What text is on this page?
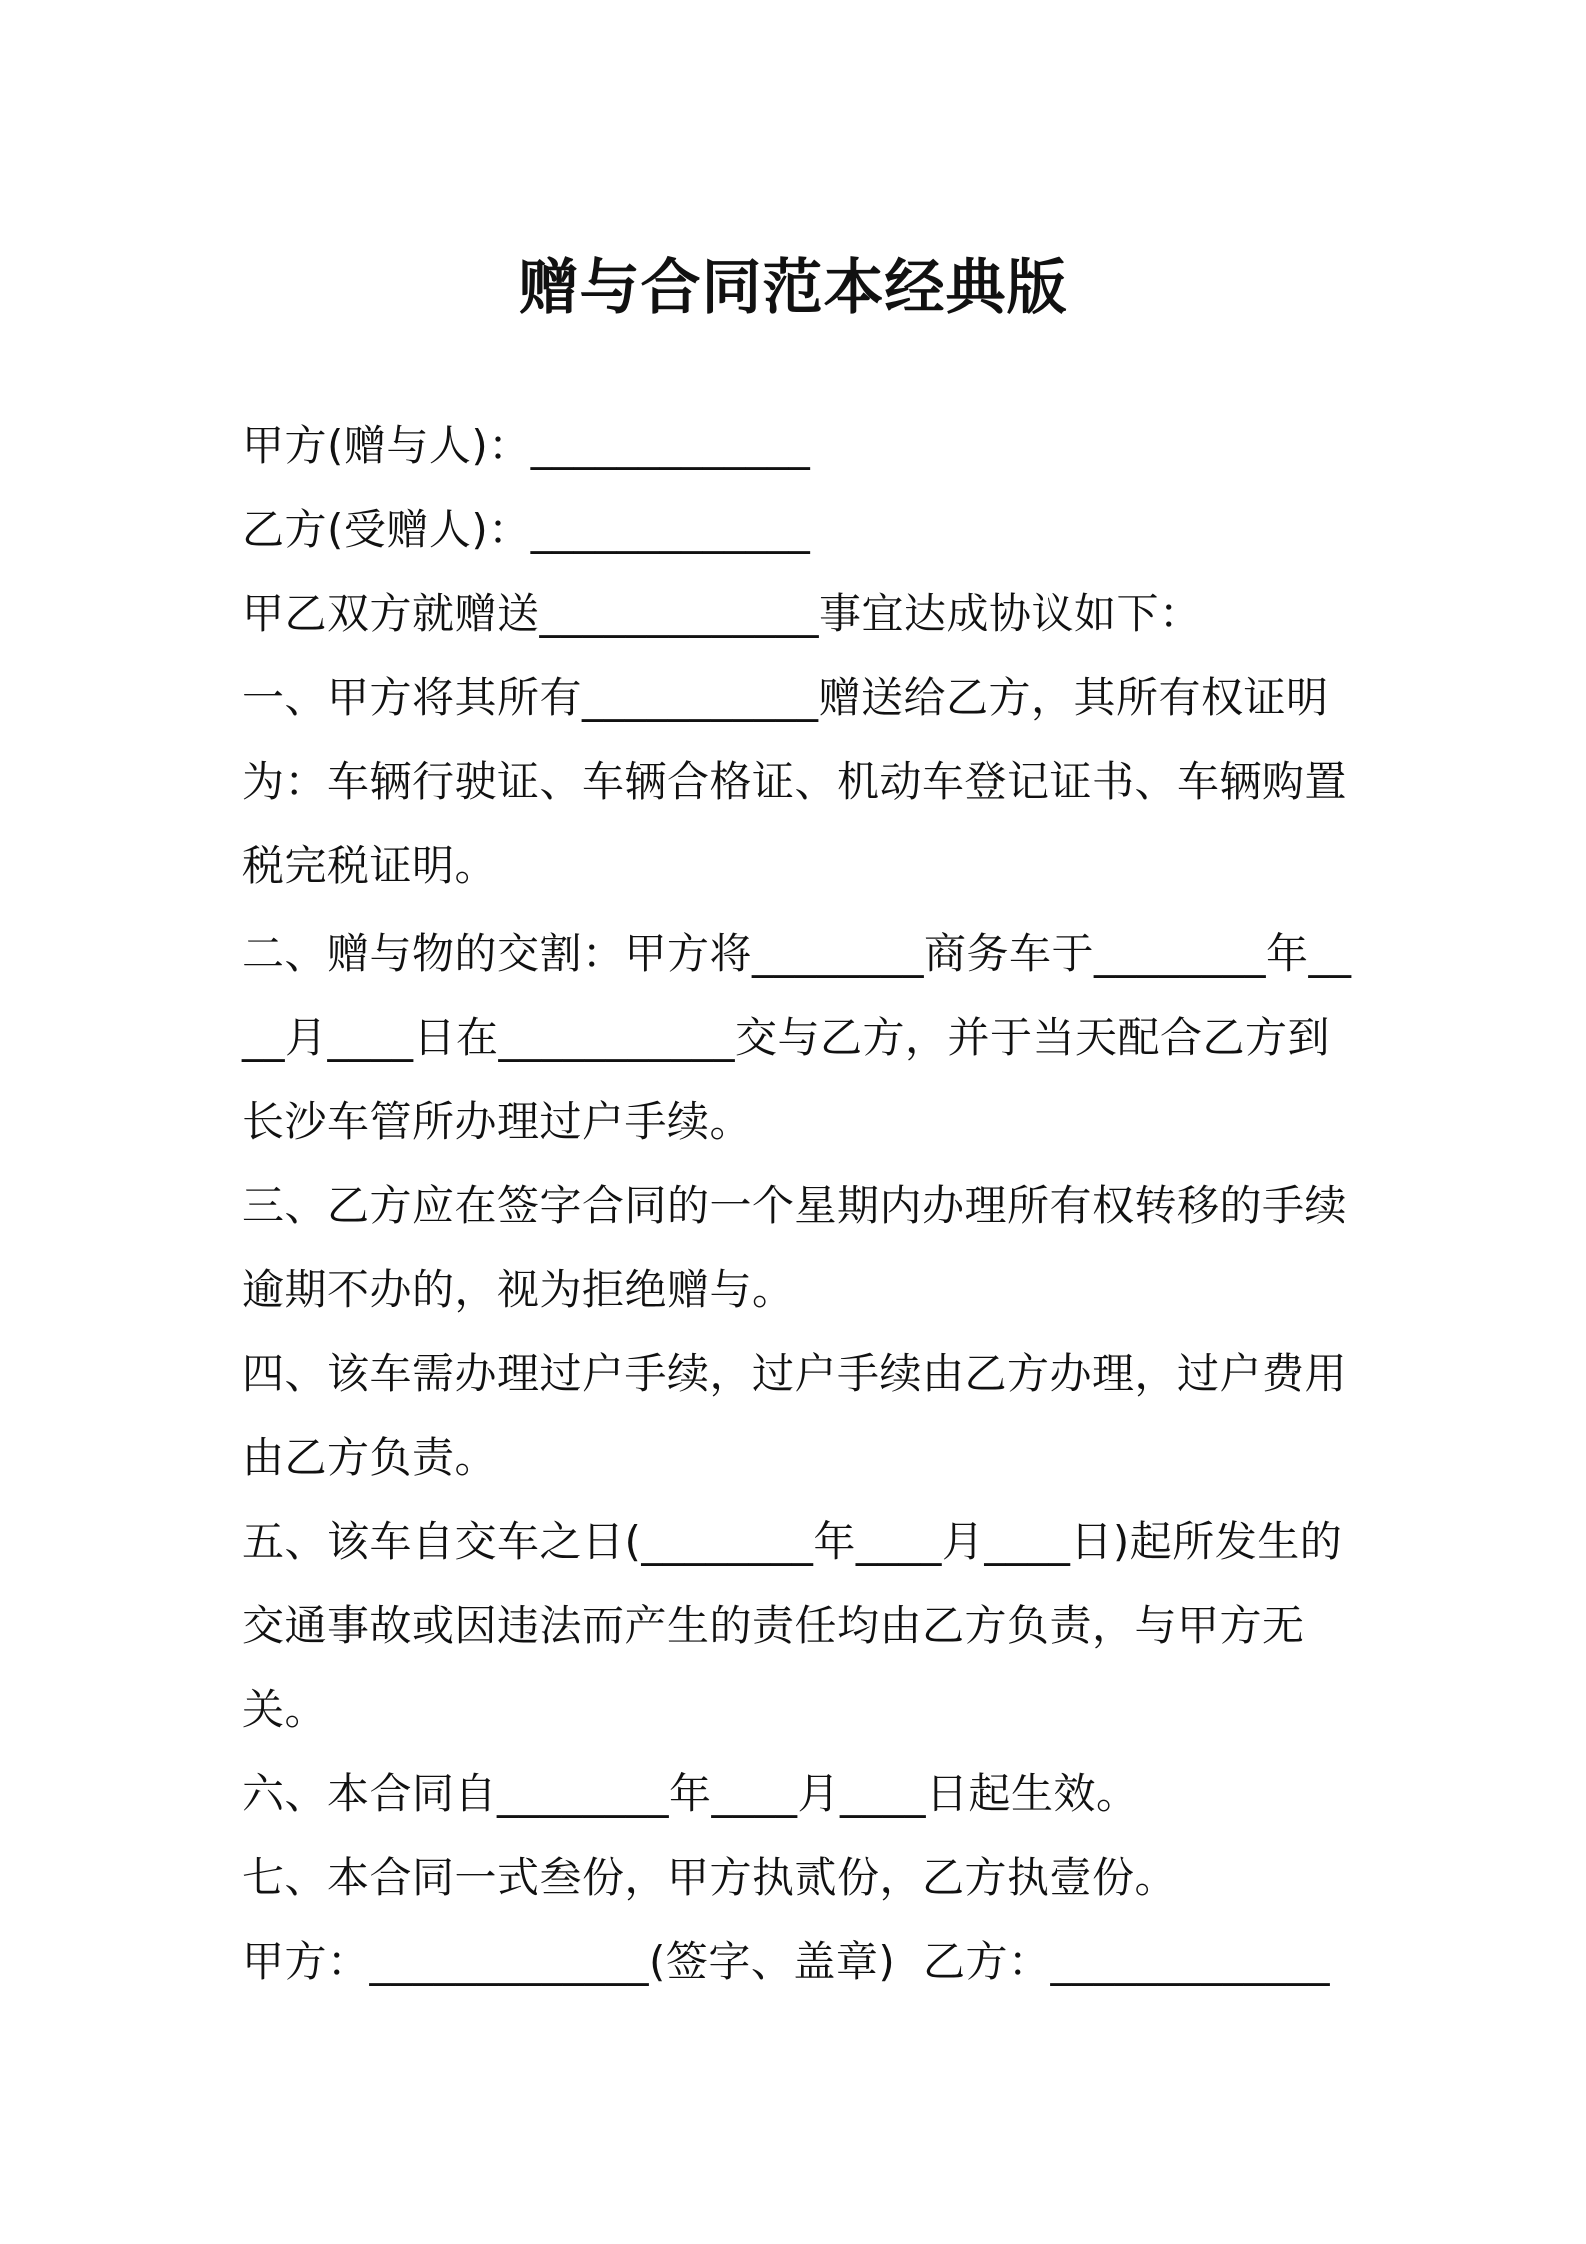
赠与合同范本经典版

甲方(赠与人)：_____________

乙方(受赠人)：_____________

甲乙双方就赠送_____________事宜达成协议如下：

一、甲方将其所有___________赠送给乙方，其所有权证明为：车辆行驶证、车辆合格证、机动车登记证书、车辆购置税完税证明。

二、赠与物的交割：甲方将________商务车于________年____月____日在___________交与乙方，并于当天配合乙方到长沙车管所办理过户手续。

三、乙方应在签字合同的一个星期内办理所有权转移的手续逾期不办的，视为拒绝赠与。

四、该车需办理过户手续，过户手续由乙方办理，过户费用由乙方负责。

五、该车自交车之日(________年____月____日)起所发生的交通事故或因违法而产生的责任均由乙方负责，与甲方无关。

六、本合同自________年____月____日起生效。

七、本合同一式叁份，甲方执贰份，乙方执壹份。

甲方：_____________(签字、盖章)  乙方：_____________
